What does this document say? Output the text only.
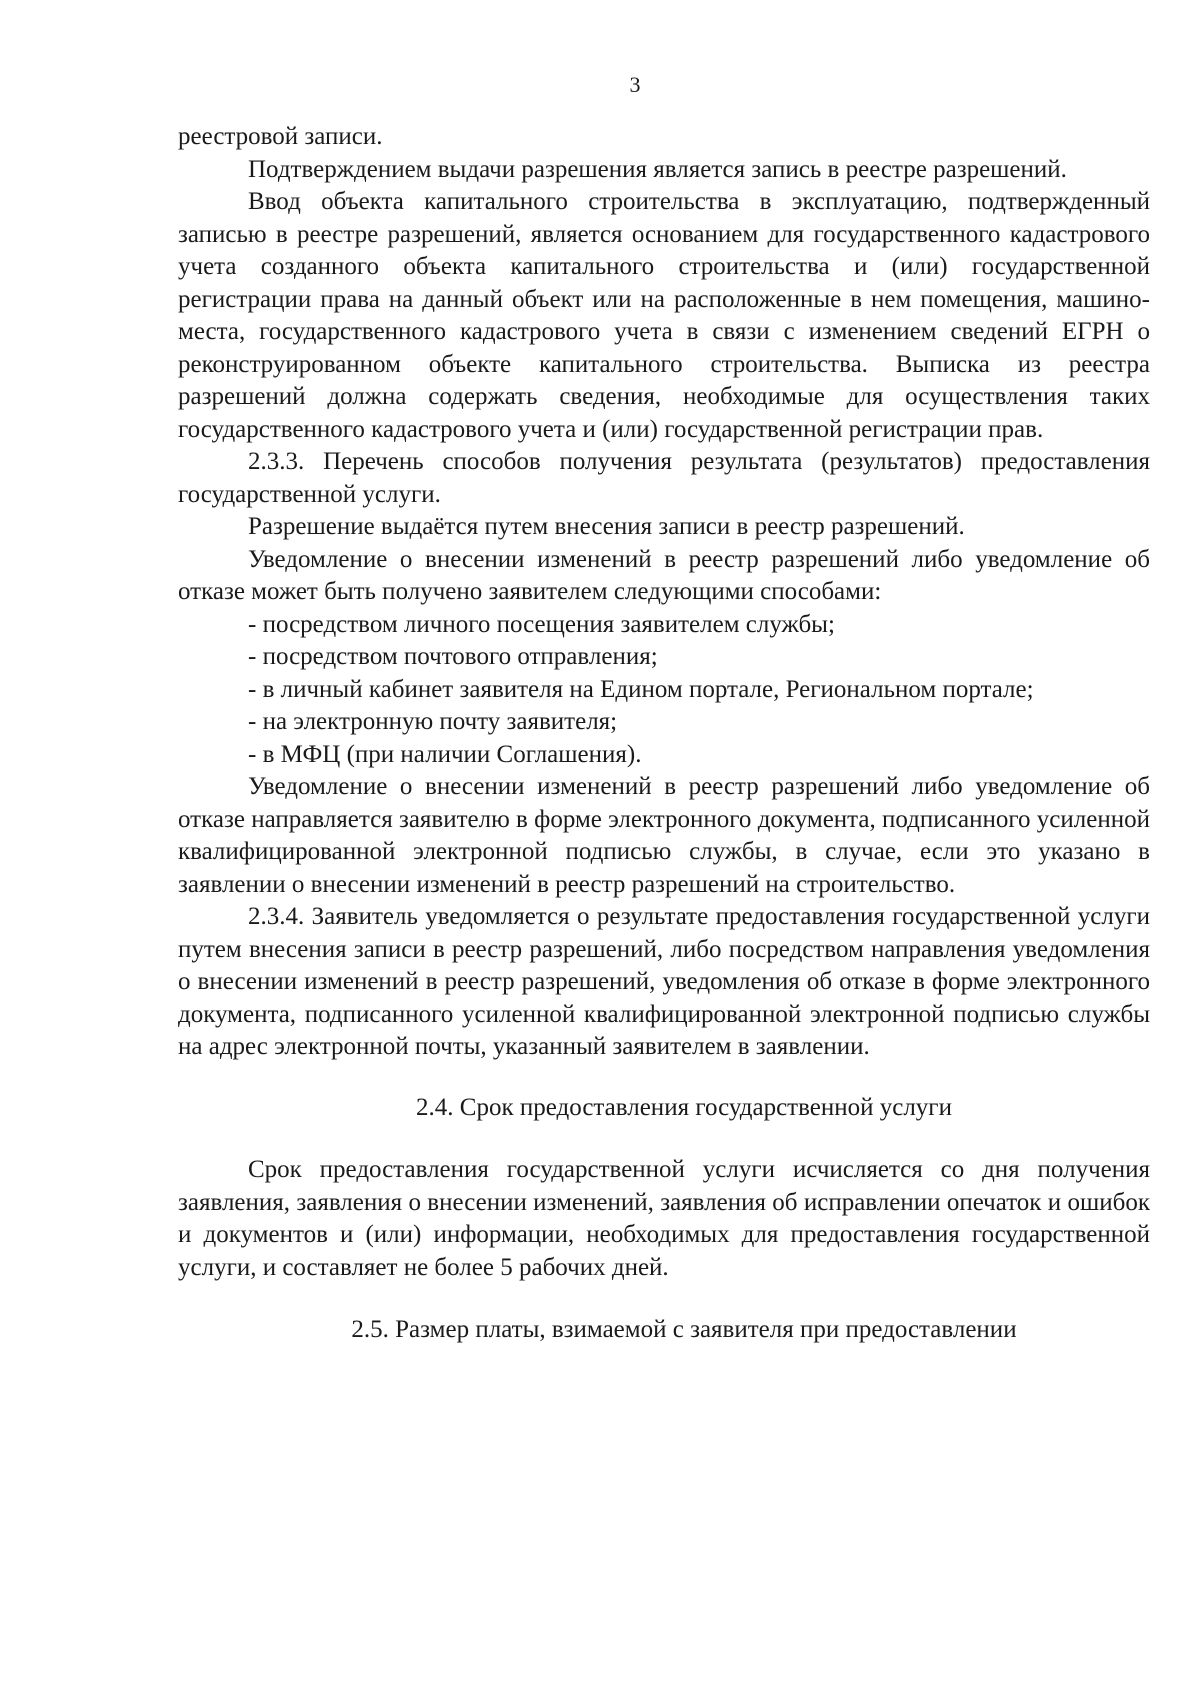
3

реестровой записи.

Подтверждением выдачи разрешения является запись в реестре разрешений.

Ввод объекта капитального строительства в эксплуатацию, подтвержденный записью в реестре разрешений, является основанием для государственного кадастрового учета созданного объекта капитального строительства и (или) государственной регистрации права на данный объект или на расположенные в нем помещения, машино-места, государственного кадастрового учета в связи с изменением сведений ЕГРН о реконструированном объекте капитального строительства. Выписка из реестра разрешений должна содержать сведения, необходимые для осуществления таких государственного кадастрового учета и (или) государственной регистрации прав.

2.3.3. Перечень способов получения результата (результатов) предоставления государственной услуги.

Разрешение выдаётся путем внесения записи в реестр разрешений.

Уведомление о внесении изменений в реестр разрешений либо уведомление об отказе может быть получено заявителем следующими способами:

- посредством личного посещения заявителем службы;
- посредством почтового отправления;
- в личный кабинет заявителя на Едином портале, Региональном портале;
- на электронную почту заявителя;
- в МФЦ (при наличии Соглашения).

Уведомление о внесении изменений в реестр разрешений либо уведомление об отказе направляется заявителю в форме электронного документа, подписанного усиленной квалифицированной электронной подписью службы, в случае, если это указано в заявлении о внесении изменений в реестр разрешений на строительство.

2.3.4. Заявитель уведомляется о результате предоставления государственной услуги путем внесения записи в реестр разрешений, либо посредством направления уведомления о внесении изменений в реестр разрешений, уведомления об отказе в форме электронного документа, подписанного усиленной квалифицированной электронной подписью службы на адрес электронной почты, указанный заявителем в заявлении.

2.4. Срок предоставления государственной услуги

Срок предоставления государственной услуги исчисляется со дня получения заявления, заявления о внесении изменений, заявления об исправлении опечаток и ошибок и документов и (или) информации, необходимых для предоставления государственной услуги, и составляет не более 5 рабочих дней.

2.5. Размер платы, взимаемой с заявителя при предоставлении
